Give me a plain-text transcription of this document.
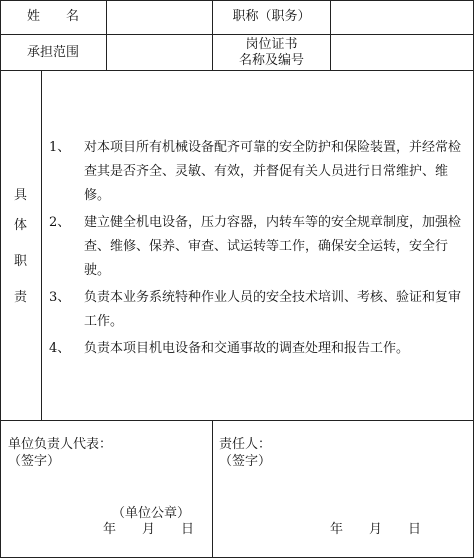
姓　　名	职称（职务）
承担范围
岗位证书
名称及编号
具
体
职
责
1、 对本项目所有机械设备配齐可靠的安全防护和保险装置，并经常检查其是否齐全、灵敏、有效，并督促有关人员进行日常维护、维修。
2、 建立健全机电设备，压力容器，内转车等的安全规章制度，加强检查、维修、保养、审查、试运转等工作，确保安全运转，安全行驶。
3、 负责本业务系统特种作业人员的安全技术培训、考核、验证和复审工作。
4、 负责本项目机电设备和交通事故的调查处理和报告工作。
单位负责人代表：
（签字）
（单位公章）
年　　月　　日
责任人：
（签字）
年　　月　　日
